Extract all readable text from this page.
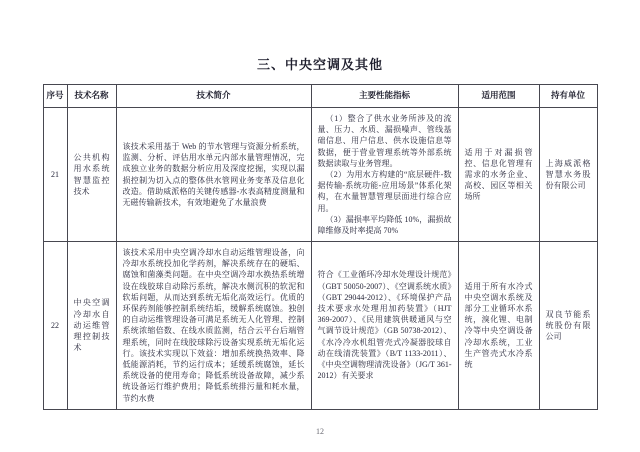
三、中央空调及其他
序号	技术名称	技术简介	主要性能指标	适用范围	持有单位
21	公共机构用水系统智慧监控技术	该技术采用基于 Web 的节水管理与资源分析系统，监测、分析、评估用水单元内部水量管理情况，完成独立业务的数据分析应用及深度挖掘，实现以漏损控制为切入点的整体供水管网业务变革及信息化改造。借助威派格的关键传感器-水表高精度测量和无磁传输新技术，有效地避免了水量浪费	（1）整合了供水业务所涉及的流量、压力、水质、漏损噪声、管线基础信息、用户信息、供水设施信息等数据，便于营业管理系统等外部系统数据读取与业务管理。

（2）为用水方构建的“底层硬件-数据传输-系统功能-应用场景”体系化架构，在水量智慧管理层面进行综合应用。

（3）漏损率平均降低 10%，漏损故障维修及时率提高 70%	适用于对漏损管控、信息化管理有需求的水务企业、高校、园区等相关场所	上海威派格智慧水务股份有限公司
22	中央空调冷却水自动运维管理控制技术	该技术采用中央空调冷却水自动运维管理设备，向冷却水系统投加化学药剂，解决系统存在的硬垢、腐蚀和菌藻类问题。在中央空调冷却水换热系统增设在线胶球自动除污系统，解决水侧沉积的软泥和软垢问题，从而达到系统无垢化高效运行。优质的环保药剂能够控制系统结垢，缓解系统腐蚀。独创的自动运维管理设备可满足系统无人化管理、控制系统浓缩倍数、在线水质监测，结合云平台后端管理系统，同时在线胶球除污设备实现系统无垢化运行。该技术实现以下效益：增加系统换热效率、降低能源消耗，节约运行成本；延缓系统腐蚀，延长系统设备的使用寿命；降低系统设备故障，减少系统设备运行维护费用；降低系统排污量和耗水量，节约水费	符合《工业循环冷却水处理设计规范》（GBT 50050-2007）、《空调系统水质》（GBT 29044-2012）、《环境保护产品技术要求水处理用加药装置》（HJT 369-2007）、《民用建筑供暖通风与空气调节设计规范》（GB 50738-2012）、《水冷冷水机组管壳式冷凝器胶球自动在线清洗装置》（B/T 1133-2011）、《中央空调物理清洗设备》（JG/T 361-2012）有关要求	适用于所有水冷式中央空调水系统及部分工业循环水系统，溴化锂、电制冷等中央空调设备冷却水系统，工业生产管壳式水冷系统	双良节能系统股份有限公司
12
